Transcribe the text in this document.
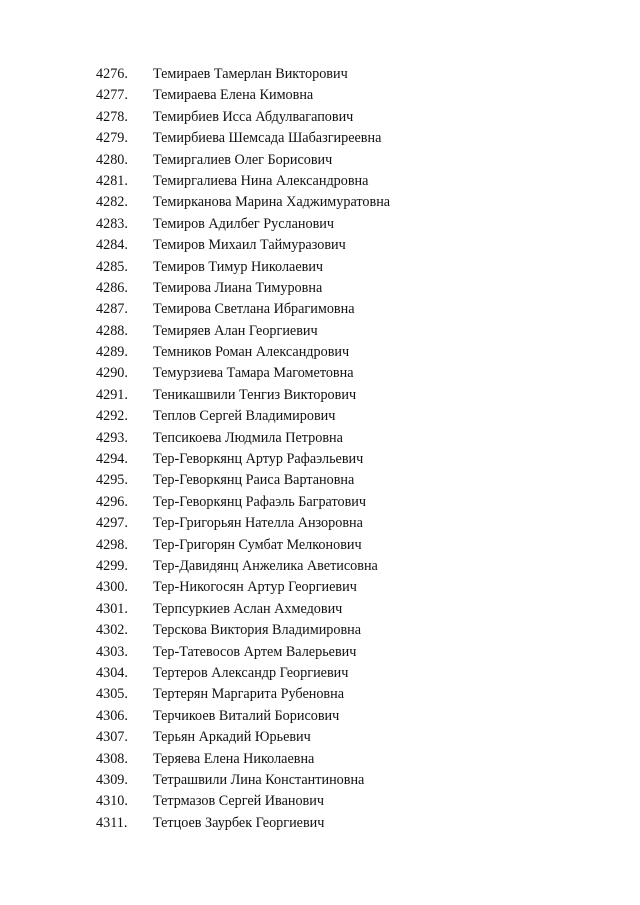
4276.	Темираев Тамерлан Викторович
4277.	Темираева Елена Кимовна
4278.	Темирбиев Исса Абдулвагапович
4279.	Темирбиева Шемсада Шабазгиреевна
4280.	Темиргалиев Олег Борисович
4281.	Темиргалиева Нина Александровна
4282.	Темирканова Марина Хаджимуратовна
4283.	Темиров Адилбег Русланович
4284.	Темиров Михаил Таймуразович
4285.	Темиров Тимур Николаевич
4286.	Темирова Лиана Тимуровна
4287.	Темирова Светлана Ибрагимовна
4288.	Темиряев Алан Георгиевич
4289.	Темников Роман Александрович
4290.	Темурзиева Тамара Магометовна
4291.	Теникашвили Тенгиз Викторович
4292.	Теплов Сергей Владимирович
4293.	Тепсикоева Людмила Петровна
4294.	Тер-Геворкянц Артур Рафаэльевич
4295.	Тер-Геворкянц Раиса Вартановна
4296.	Тер-Геворкянц Рафаэль Багратович
4297.	Тер-Григорьян Нателла Анзоровна
4298.	Тер-Григорян Сумбат Мелконович
4299.	Тер-Давидянц Анжелика Аветисовна
4300.	Тер-Никогосян Артур Георгиевич
4301.	Терпсуркиев Аслан Ахмедович
4302.	Терскова Виктория Владимировна
4303.	Тер-Татевосов Артем Валерьевич
4304.	Тертеров Александр Георгиевич
4305.	Тертерян Маргарита Рубеновна
4306.	Терчикоев Виталий Борисович
4307.	Терьян Аркадий Юрьевич
4308.	Теряева Елена Николаевна
4309.	Тетрашвили Лина Константиновна
4310.	Тетрмазов Сергей Иванович
4311.	Тетцоев Заурбек Георгиевич
